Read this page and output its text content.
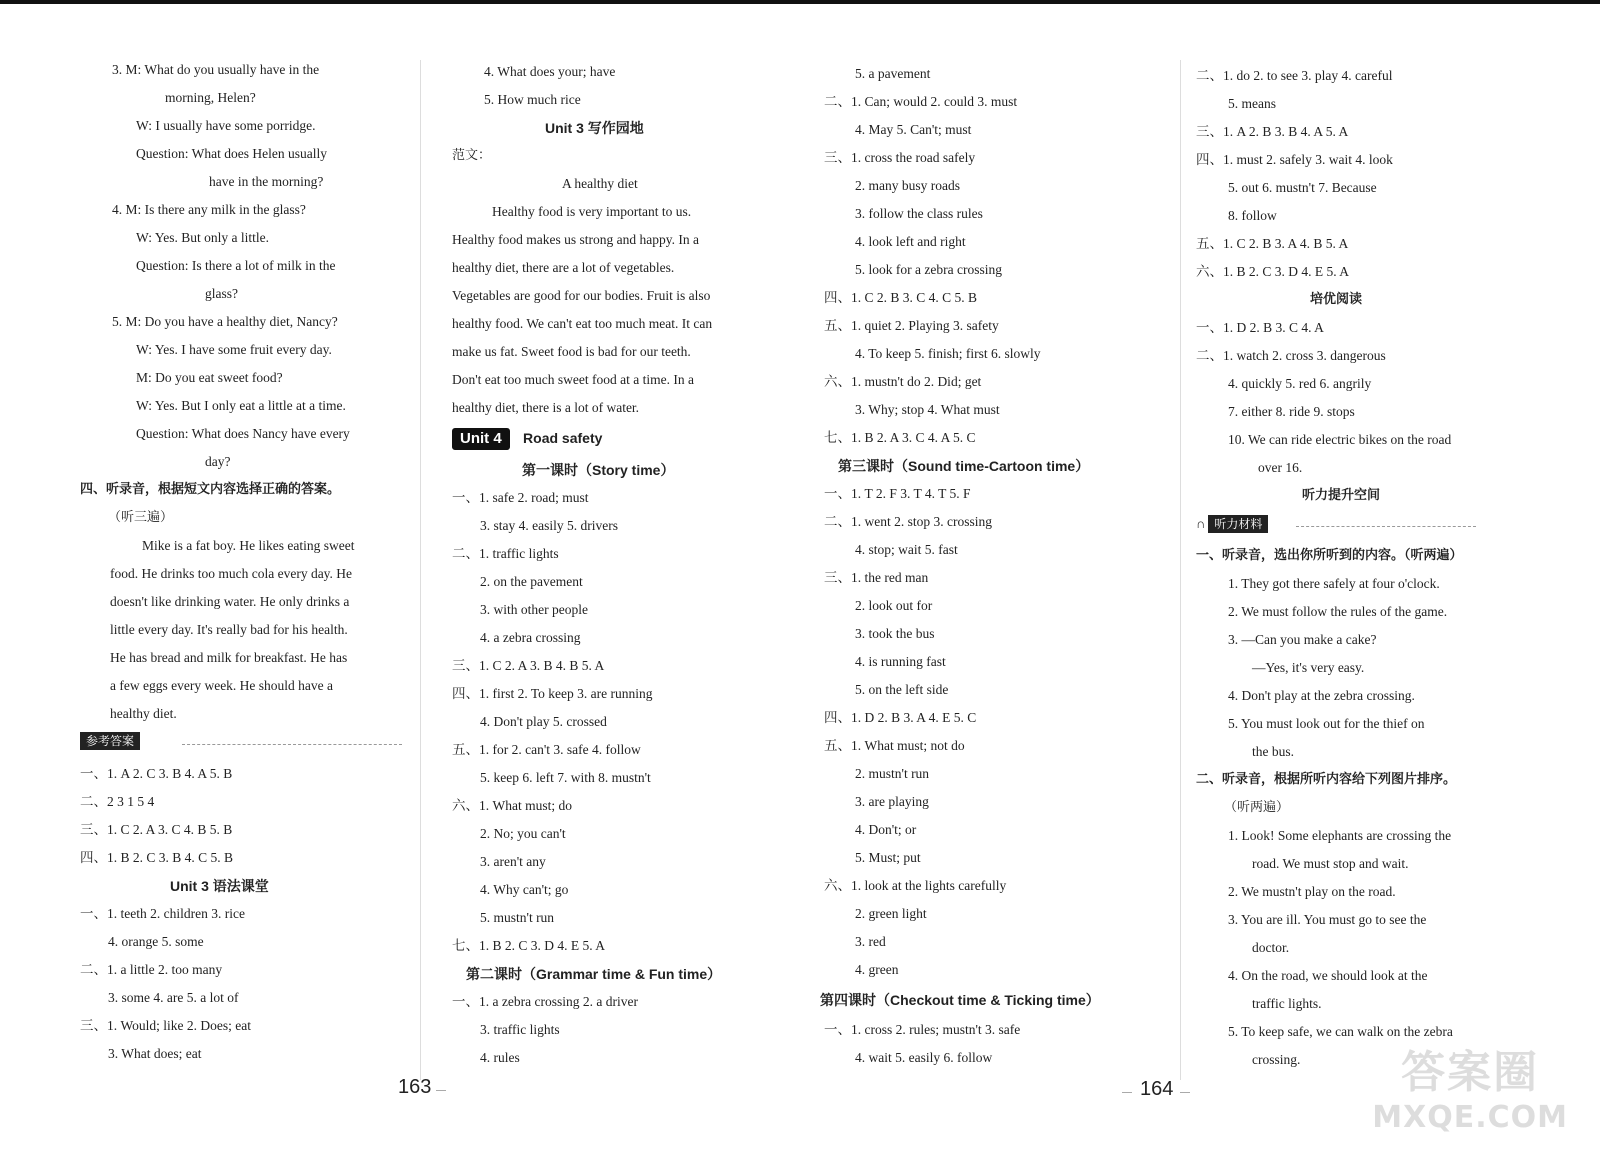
3. M: What do you usually have in the
morning, Helen?
W: I usually have some porridge.
Question: What does Helen usually
have in the morning?
4. M: Is there any milk in the glass?
W: Yes. But only a little.
Question: Is there a lot of milk in the
glass?
5. M: Do you have a healthy diet, Nancy?
W: Yes. I have some fruit every day.
M: Do you eat sweet food?
W: Yes. But I only eat a little at a time.
Question: What does Nancy have every
day?
四、听录音，根据短文内容选择正确的答案。
（听三遍）
Mike is a fat boy. He likes eating sweet
food. He drinks too much cola every day. He
doesn't like drinking water. He only drinks a
little every day. It's really bad for his health.
He has bread and milk for breakfast. He has
a few eggs every week. He should have a
healthy diet.
参考答案
一、1. A 2. C 3. B 4. A 5. B
二、2 3 1 5 4
三、1. C 2. A 3. C 4. B 5. B
四、1. B 2. C 3. B 4. C 5. B
Unit 3 语法课堂
一、1. teeth 2. children 3. rice
4. orange 5. some
二、1. a little 2. too many
3. some 4. are 5. a lot of
三、1. Would; like 2. Does; eat
3. What does; eat
4. What does your; have
5. How much rice
Unit 3 写作园地
范文：
A healthy diet
Healthy food is very important to us.
Healthy food makes us strong and happy. In a
healthy diet, there are a lot of vegetables.
Vegetables are good for our bodies. Fruit is also
healthy food. We can't eat too much meat. It can
make us fat. Sweet food is bad for our teeth.
Don't eat too much sweet food at a time. In a
healthy diet, there is a lot of water.
Unit 4 Road safety
第一课时（Story time）
一、1. safe 2. road; must
3. stay 4. easily 5. drivers
二、1. traffic lights
2. on the pavement
3. with other people
4. a zebra crossing
三、1. C 2. A 3. B 4. B 5. A
四、1. first 2. To keep 3. are running
4. Don't play 5. crossed
五、1. for 2. can't 3. safe 4. follow
5. keep 6. left 7. with 8. mustn't
六、1. What must; do
2. No; you can't
3. aren't any
4. Why can't; go
5. mustn't run
七、1. B 2. C 3. D 4. E 5. A
第二课时（Grammar time & Fun time）
一、1. a zebra crossing 2. a driver
3. traffic lights
4. rules
5. a pavement
二、1. Can; would 2. could 3. must
4. May 5. Can't; must
三、1. cross the road safely
2. many busy roads
3. follow the class rules
4. look left and right
5. look for a zebra crossing
四、1. C 2. B 3. C 4. C 5. B
五、1. quiet 2. Playing 3. safety
4. To keep 5. finish; first 6. slowly
六、1. mustn't do 2. Did; get
3. Why; stop 4. What must
七、1. B 2. A 3. C 4. A 5. C
第三课时（Sound time-Cartoon time）
一、1. T 2. F 3. T 4. T 5. F
二、1. went 2. stop 3. crossing
4. stop; wait 5. fast
三、1. the red man
2. look out for
3. took the bus
4. is running fast
5. on the left side
四、1. D 2. B 3. A 4. E 5. C
五、1. What must; not do
2. mustn't run
3. are playing
4. Don't; or
5. Must; put
六、1. look at the lights carefully
2. green light
3. red
4. green
第四课时（Checkout time & Ticking time）
一、1. cross 2. rules; mustn't 3. safe
4. wait 5. easily 6. follow
二、1. do 2. to see 3. play 4. careful
5. means
三、1. A 2. B 3. B 4. A 5. A
四、1. must 2. safely 3. wait 4. look
5. out 6. mustn't 7. Because
8. follow
五、1. C 2. B 3. A 4. B 5. A
六、1. B 2. C 3. D 4. E 5. A
培优阅读
一、1. D 2. B 3. C 4. A
二、1. watch 2. cross 3. dangerous
4. quickly 5. red 6. angrily
7. either 8. ride 9. stops
10. We can ride electric bikes on the road
over 16.
听力提升空间
∩ 听力材料
一、听录音，选出你所听到的内容。（听两遍）
1. They got there safely at four o'clock.
2. We must follow the rules of the game.
3. —Can you make a cake?
—Yes, it's very easy.
4. Don't play at the zebra crossing.
5. You must look out for the thief on
the bus.
二、听录音，根据所听内容给下列图片排序。
（听两遍）
1. Look! Some elephants are crossing the
road. We must stop and wait.
2. We mustn't play on the road.
3. You are ill. You must go to see the
doctor.
4. On the road, we should look at the
traffic lights.
5. To keep safe, we can walk on the zebra
crossing.
163	164	答案圈
MXQE.COM
